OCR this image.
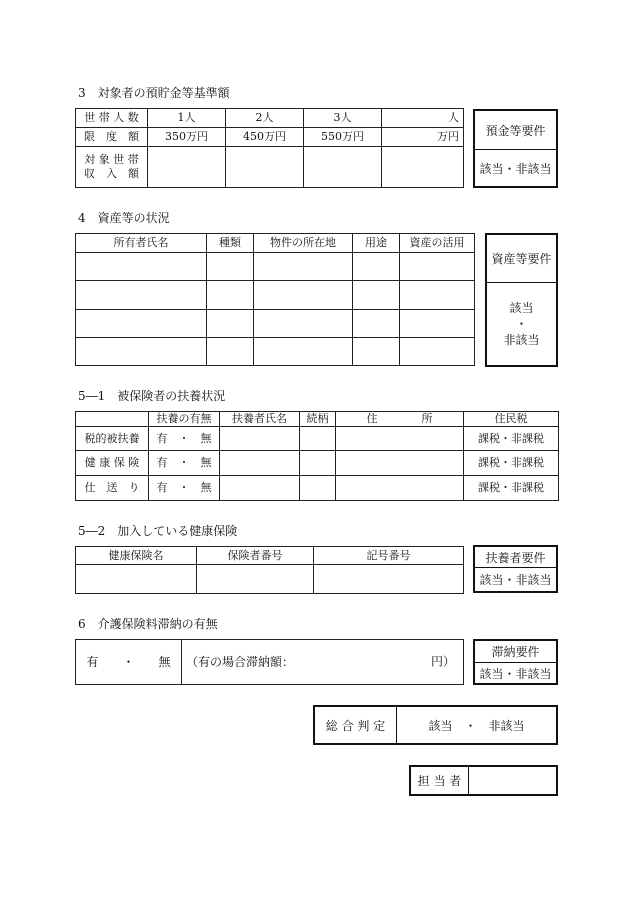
3　対象者の預貯金等基準額
世 帯 人 数	1人	2人	3人	人
限　度　額	350万円	450万円	550万円	万円

対 象 世 帯
収　入　額				

預金等要件
該当・非該当
4　資産等の状況
所有者氏名	種類	物件の所在地	用途	資産の活用

資産等要件
該当
・
非該当
5―1　被保険者の扶養状況
	扶養の有無	扶養者氏名	続柄	住　　　　所	住民税
税的被扶養	有　・　無				課税・非課税
健 康 保 険	有　・　無				課税・非課税
仕　送　り	有　・　無				課税・非課税
5―2　加入している健康保険
健康保険名	保険者番号	記号番号
			扶養者要件
該当・非該当
6　介護保険料滞納の有無
有　　・　　無	（有の場合滞納額：	円）
滞納要件
該当・非該当
総 合 判 定	該当　・　非該当
担 当 者
